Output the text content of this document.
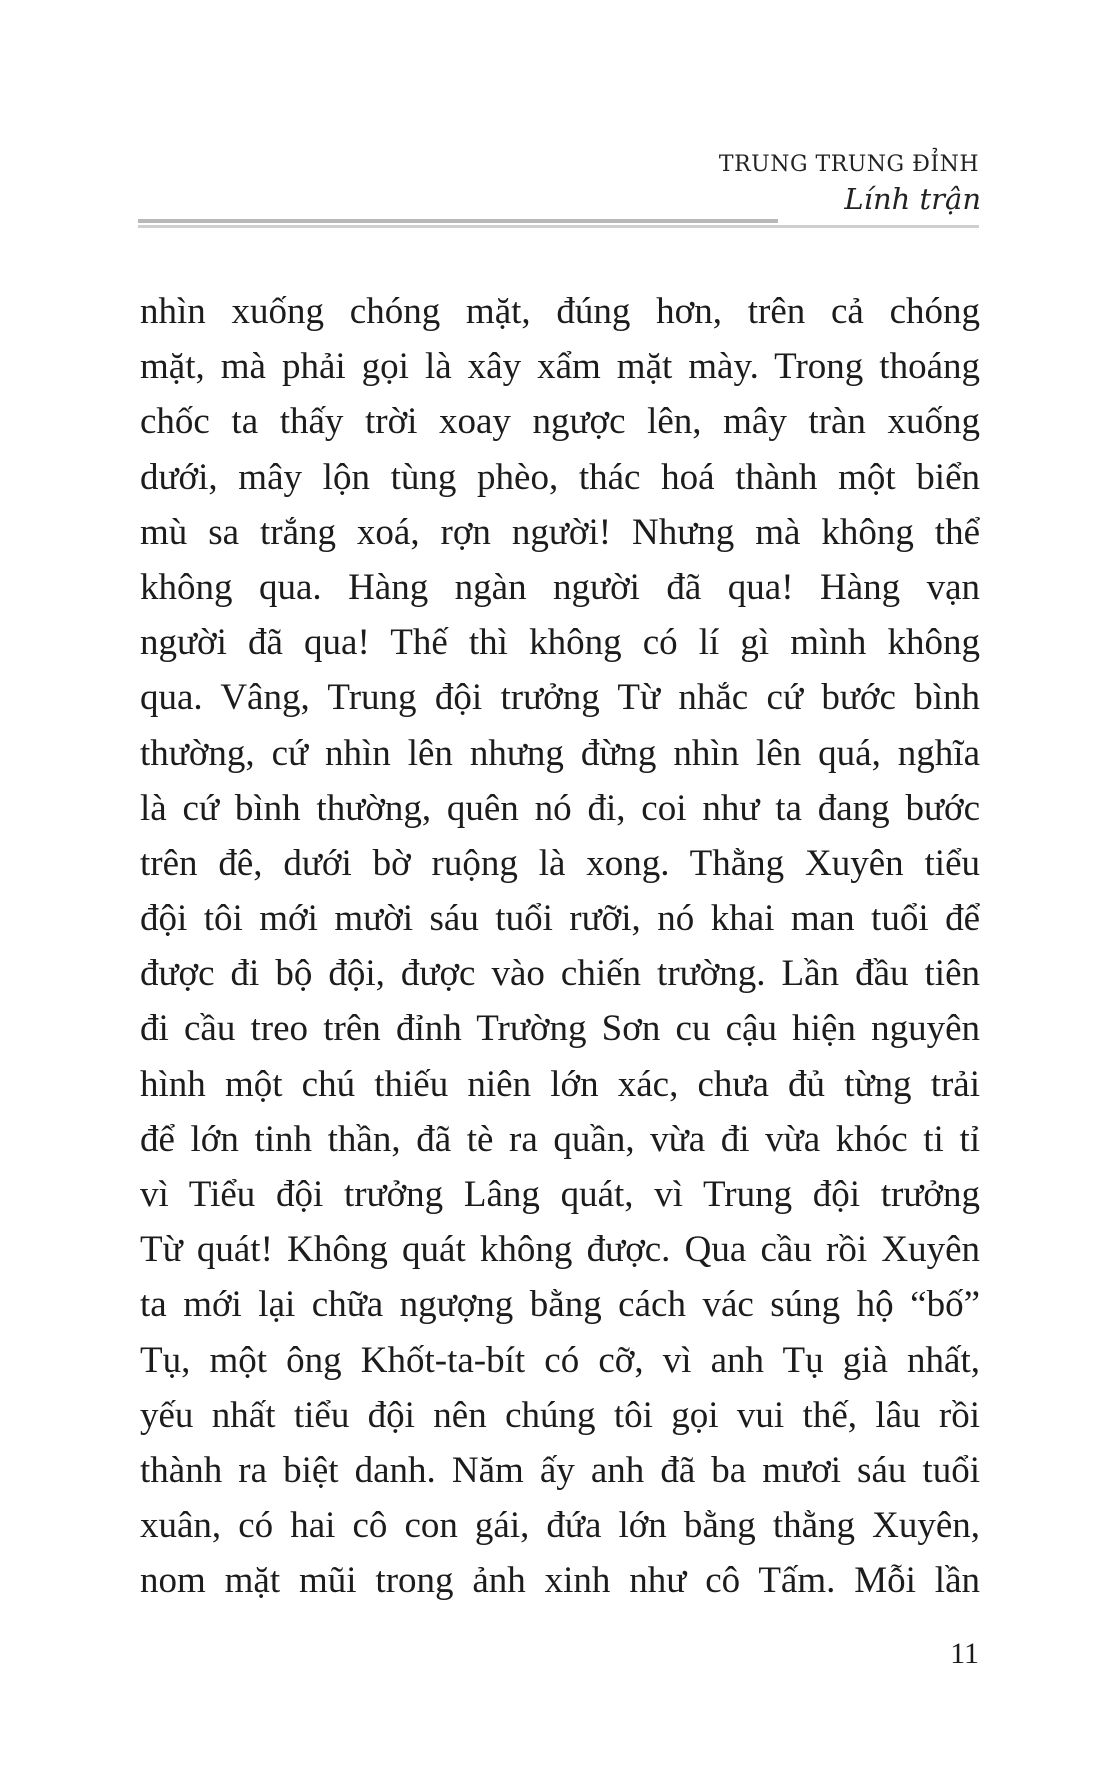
TRUNG TRUNG ĐỈNH
Lính trận
nhìn xuống chóng mặt, đúng hơn, trên cả chóng
mặt, mà phải gọi là xây xẩm mặt mày. Trong thoáng
chốc ta thấy trời xoay ngược lên, mây tràn xuống
dưới, mây lộn tùng phèo, thác hoá thành một biển
mù sa trắng xoá, rợn người! Nhưng mà không thể
không qua. Hàng ngàn người đã qua! Hàng vạn
người đã qua! Thế thì không có lí gì mình không
qua. Vâng, Trung đội trưởng Từ nhắc cứ bước bình
thường, cứ nhìn lên nhưng đừng nhìn lên quá, nghĩa
là cứ bình thường, quên nó đi, coi như ta đang bước
trên đê, dưới bờ ruộng là xong. Thằng Xuyên tiểu
đội tôi mới mười sáu tuổi rưỡi, nó khai man tuổi để
được đi bộ đội, được vào chiến trường. Lần đầu tiên
đi cầu treo trên đỉnh Trường Sơn cu cậu hiện nguyên
hình một chú thiếu niên lớn xác, chưa đủ từng trải
để lớn tinh thần, đã tè ra quần, vừa đi vừa khóc ti tỉ
vì Tiểu đội trưởng Lâng quát, vì Trung đội trưởng
Từ quát! Không quát không được. Qua cầu rồi Xuyên
ta mới lại chữa ngượng bằng cách vác súng hộ “bố”
Tụ, một ông Khốt-ta-bít có cỡ, vì anh Tụ già nhất,
yếu nhất tiểu đội nên chúng tôi gọi vui thế, lâu rồi
thành ra biệt danh. Năm ấy anh đã ba mươi sáu tuổi
xuân, có hai cô con gái, đứa lớn bằng thằng Xuyên,
nom mặt mũi trong ảnh xinh như cô Tấm. Mỗi lần
11
